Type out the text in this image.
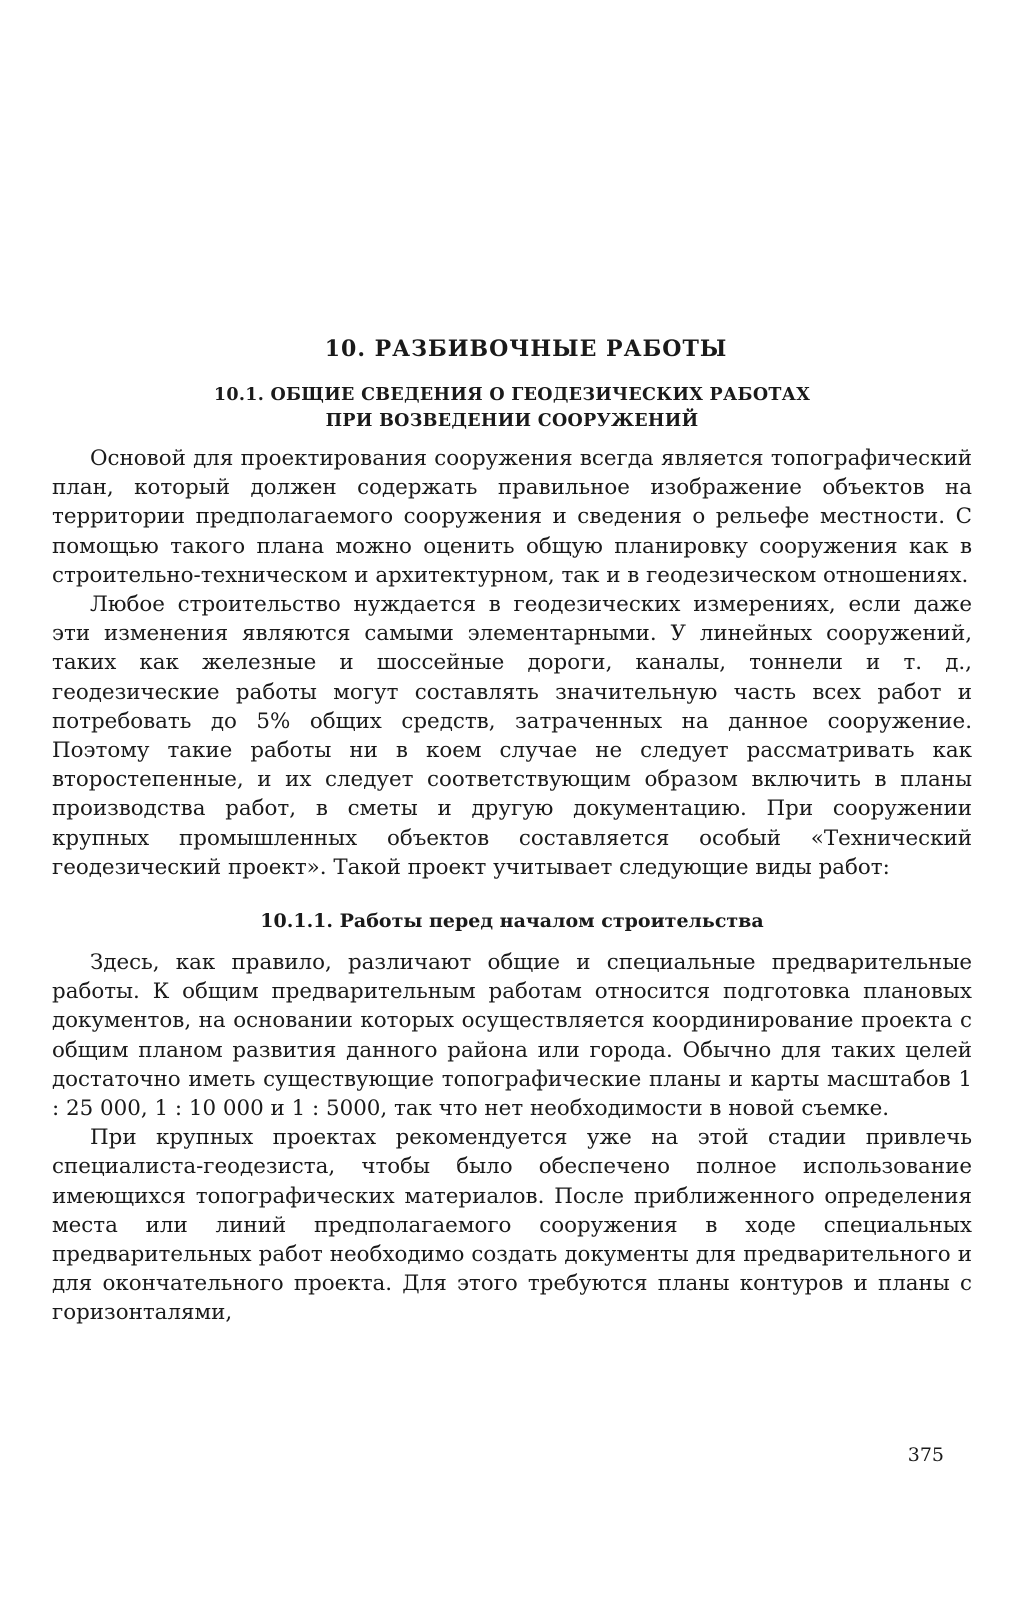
10. РАЗБИВОЧНЫЕ РАБОТЫ
10.1. ОБЩИЕ СВЕДЕНИЯ О ГЕОДЕЗИЧЕСКИХ РАБОТАХ
ПРИ ВОЗВЕДЕНИИ СООРУЖЕНИЙ

Основой для проектирования сооружения всегда является топографический план, который должен содержать правильное изображение объектов на территории предполагаемого сооружения и сведения о рельефе местности. С помощью такого плана можно оценить общую планировку сооружения как в строительно-техническом и архитектурном, так и в геодезическом отношениях.

Любое строительство нуждается в геодезических измерениях, если даже эти изменения являются самыми элементарными. У линейных сооружений, таких как железные и шоссейные дороги, каналы, тоннели и т. д., геодезические работы могут составлять значительную часть всех работ и потребовать до 5% общих средств, затраченных на данное сооружение. Поэтому такие работы ни в коем случае не следует рассматривать как второстепенные, и их следует соответствующим образом включить в планы производства работ, в сметы и другую документацию. При сооружении крупных промышленных объектов составляется особый «Технический геодезический проект». Такой проект учитывает следующие виды работ:

10.1.1. Работы перед началом строительства

Здесь, как правило, различают общие и специальные предварительные работы. К общим предварительным работам относится подготовка плановых документов, на основании которых осуществляется координирование проекта с общим планом развития данного района или города. Обычно для таких целей достаточно иметь существующие топографические планы и карты масштабов 1 : 25 000, 1 : 10 000 и 1 : 5000, так что нет необходимости в новой съемке.

При крупных проектах рекомендуется уже на этой стадии привлечь специалиста-геодезиста, чтобы было обеспечено полное использование имеющихся топографических материалов. После приближенного определения места или линий предполагаемого сооружения в ходе специальных предварительных работ необходимо создать документы для предварительного и для окончательного проекта. Для этого требуются планы контуров и планы с горизонталями,

375
